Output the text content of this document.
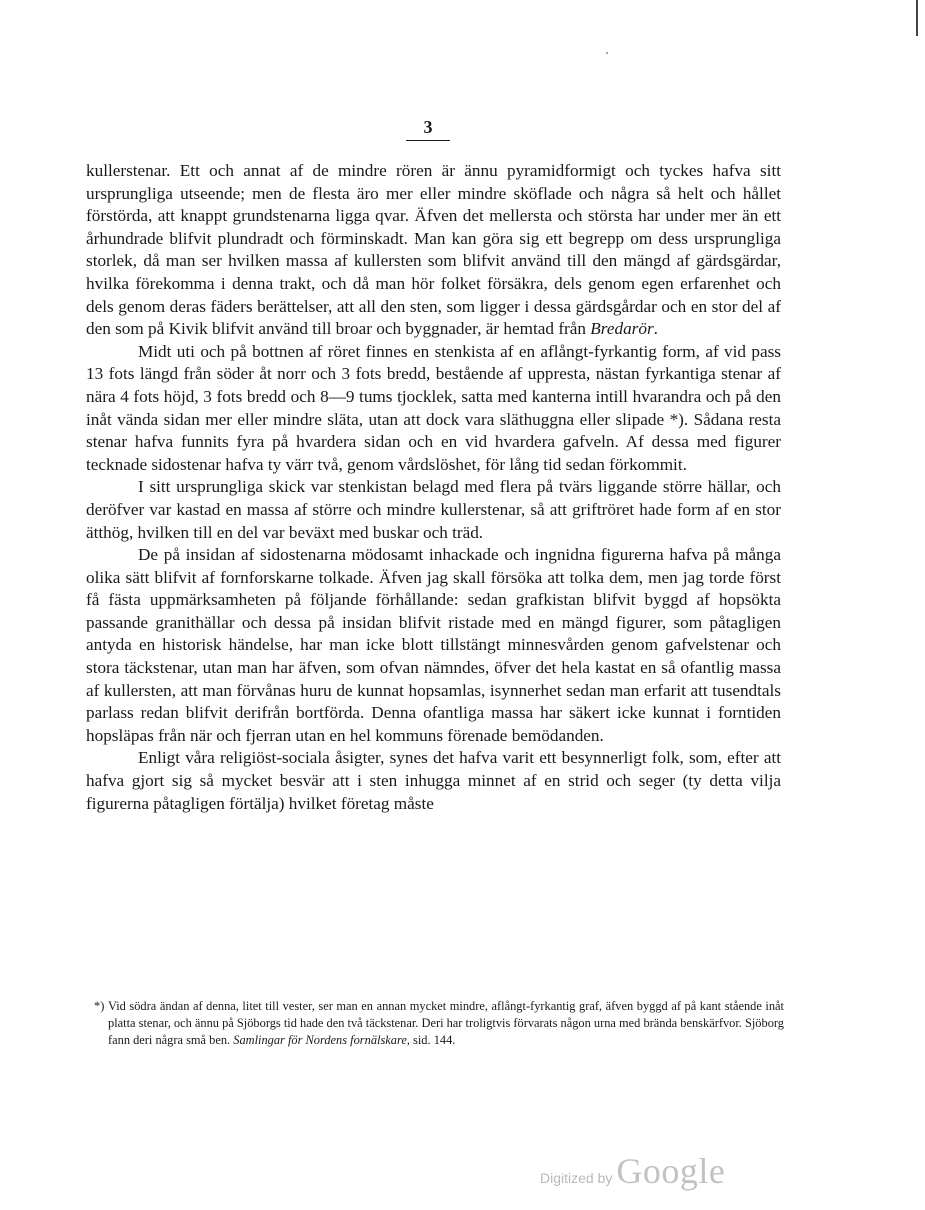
3

kullerstenar. Ett och annat af de mindre rören är ännu pyramidformigt och tyckes hafva sitt ursprungliga utseende; men de flesta äro mer eller mindre sköflade och några så helt och hållet förstörda, att knappt grundstenarna ligga qvar. Äfven det mellersta och största har under mer än ett århundrade blifvit plundradt och förminskadt. Man kan göra sig ett begrepp om dess ursprungliga storlek, då man ser hvilken massa af kullersten som blifvit använd till den mängd af gärdsgärdar, hvilka förekomma i denna trakt, och då man hör folket försäkra, dels genom egen erfarenhet och dels genom deras fäders berättelser, att all den sten, som ligger i dessa gärdsgårdar och en stor del af den som på Kivik blifvit använd till broar och byggnader, är hemtad från Bredarör.

Midt uti och på bottnen af röret finnes en stenkista af en aflångt-fyrkantig form, af vid pass 13 fots längd från söder åt norr och 3 fots bredd, bestående af uppresta, nästan fyrkantiga stenar af nära 4 fots höjd, 3 fots bredd och 8—9 tums tjocklek, satta med kanterna intill hvarandra och på den inåt vända sidan mer eller mindre släta, utan att dock vara släthuggna eller slipade *). Sådana resta stenar hafva funnits fyra på hvardera sidan och en vid hvardera gafveln. Af dessa med figurer tecknade sidostenar hafva ty värr två, genom vårdslöshet, för lång tid sedan förkommit.

I sitt ursprungliga skick var stenkistan belagd med flera på tvärs liggande större hällar, och deröfver var kastad en massa af större och mindre kullerstenar, så att griftröret hade form af en stor ätthög, hvilken till en del var beväxt med buskar och träd.

De på insidan af sidostenarna mödosamt inhackade och ingnidna figurerna hafva på många olika sätt blifvit af fornforskarne tolkade. Äfven jag skall försöka att tolka dem, men jag torde först få fästa uppmärksamheten på följande förhållande: sedan grafkistan blifvit byggd af hopsökta passande granithällar och dessa på insidan blifvit ristade med en mängd figurer, som påtagligen antyda en historisk händelse, har man icke blott tillstängt minnesvården genom gafvelstenar och stora täckstenar, utan man har äfven, som ofvan nämndes, öfver det hela kastat en så ofantlig massa af kullersten, att man förvånas huru de kunnat hopsamlas, isynnerhet sedan man erfarit att tusendtals parlass redan blifvit derifrån bortförda. Denna ofantliga massa har säkert icke kunnat i forntiden hopsläpas från när och fjerran utan en hel kommuns förenade bemödanden.

Enligt våra religiöst-sociala åsigter, synes det hafva varit ett besynnerligt folk, som, efter att hafva gjort sig så mycket besvär att i sten inhugga minnet af en strid och seger (ty detta vilja figurerna påtagligen förtälja) hvilket företag måste

*) Vid södra ändan af denna, litet till vester, ser man en annan mycket mindre, aflångt-fyrkantig graf, äfven byggd af på kant stående inåt platta stenar, och ännu på Sjöborgs tid hade den två täckstenar. Deri har troligtvis förvarats någon urna med brända benskärfvor. Sjöborg fann deri några små ben. Samlingar för Nordens fornälskare, sid. 144.

Digitized by Google
